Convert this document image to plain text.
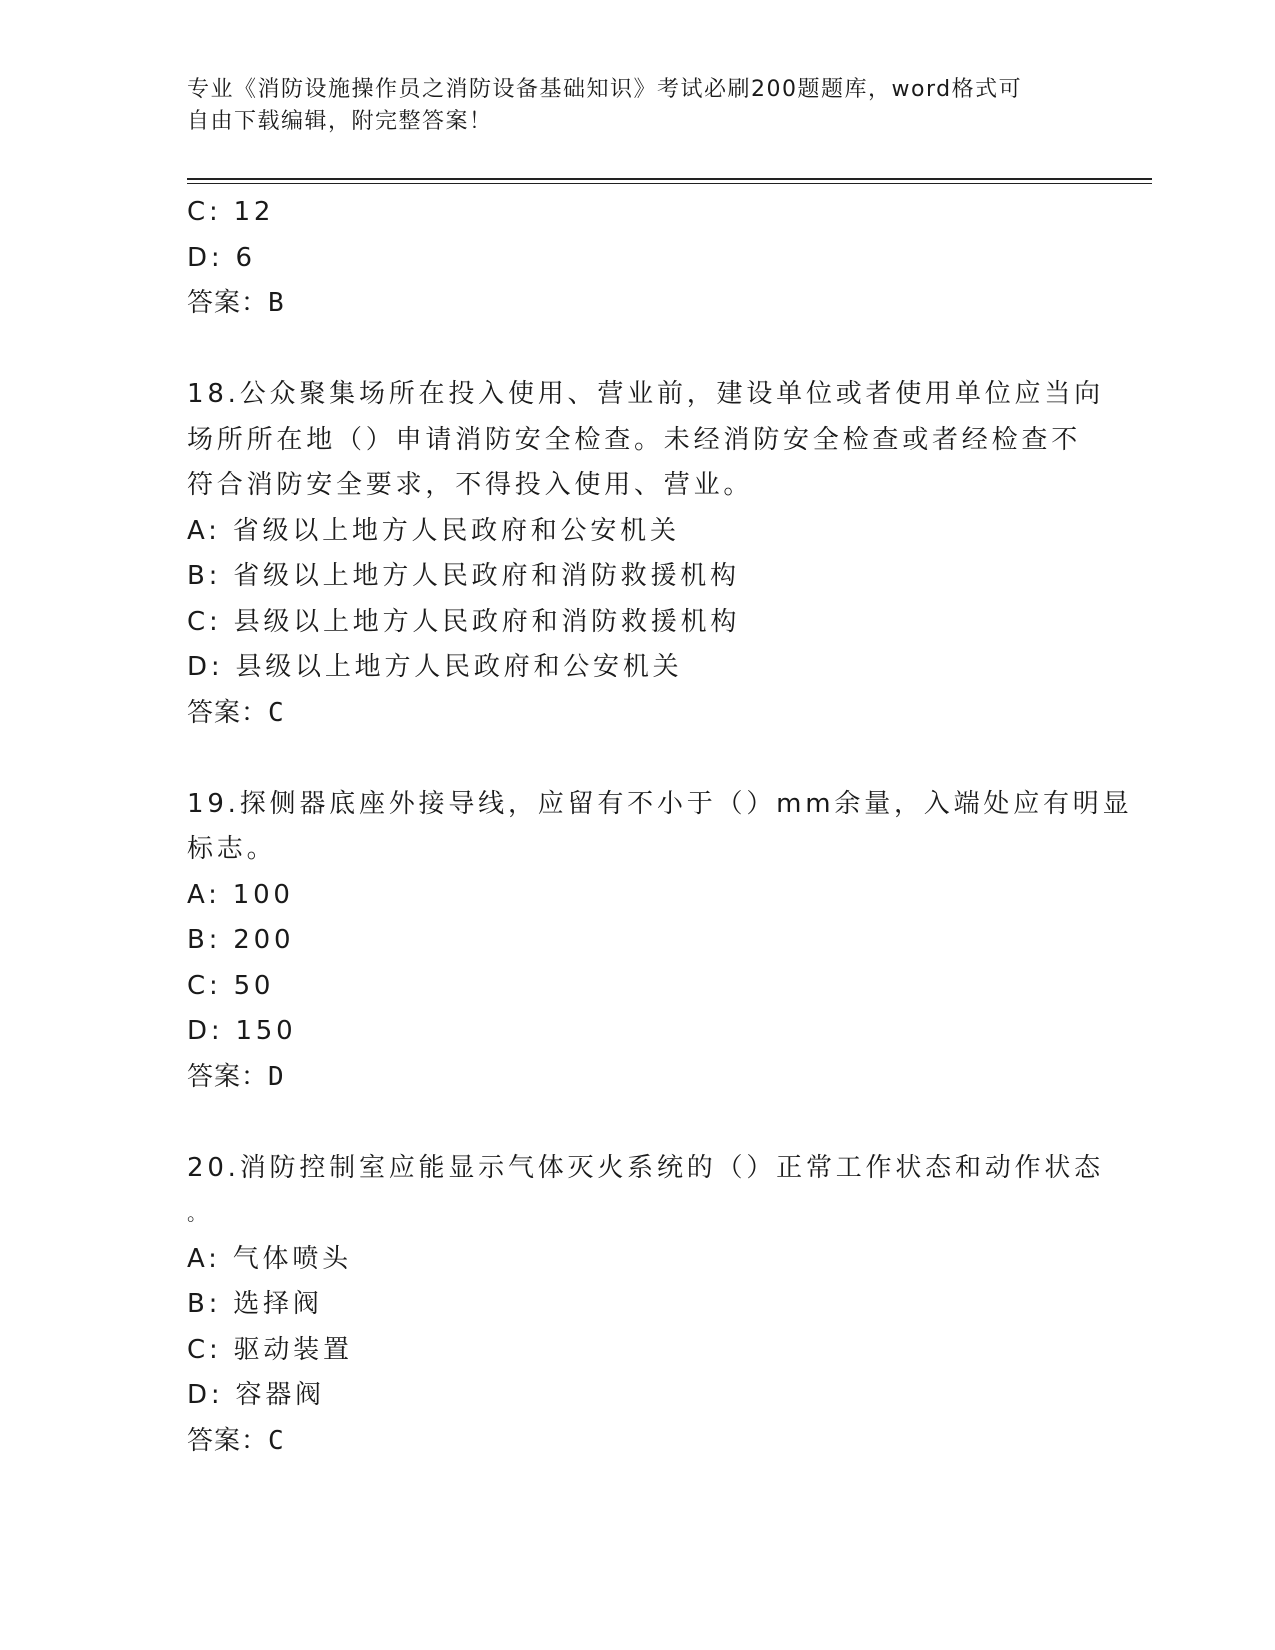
专业《消防设施操作员之消防设备基础知识》考试必刷200题题库，word格式可
自由下载编辑，附完整答案！
C: 12
D: 6
答案：B
18.公众聚集场所在投入使用、营业前，建设单位或者使用单位应当向
场所所在地（）申请消防安全检查。未经消防安全检查或者经检查不
符合消防安全要求，不得投入使用、营业。
A: 省级以上地方人民政府和公安机关
B: 省级以上地方人民政府和消防救援机构
C: 县级以上地方人民政府和消防救援机构
D: 县级以上地方人民政府和公安机关
答案：C
19.探侧器底座外接导线，应留有不小于（）mm余量，入端处应有明显
标志。
A: 100
B: 200
C: 50
D: 150
答案：D
20.消防控制室应能显示气体灭火系统的（）正常工作状态和动作状态
。
A: 气体喷头
B: 选择阀
C: 驱动装置
D: 容器阀
答案：C
